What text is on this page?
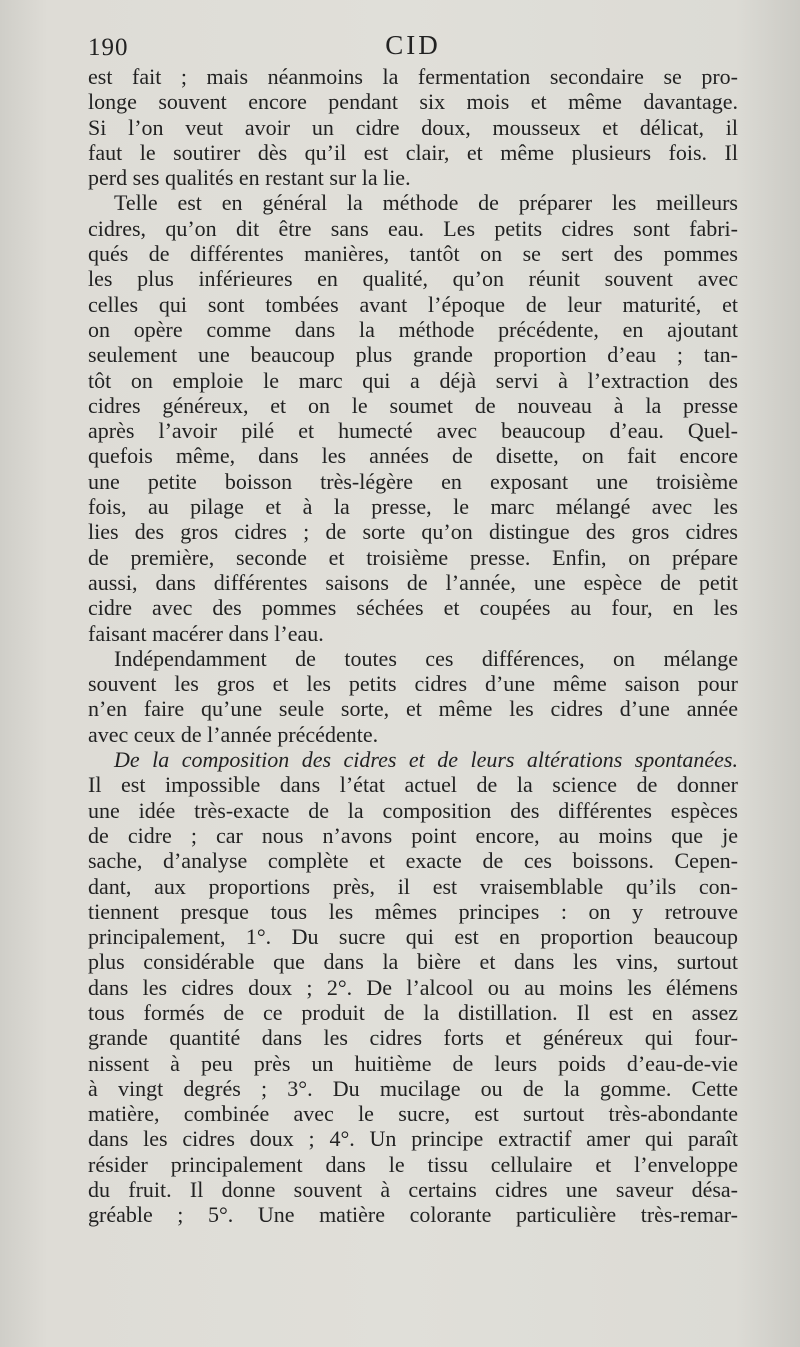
190	CID
est fait ; mais néanmoins la fermentation secondaire se pro-
longe souvent encore pendant six mois et même davantage.
Si l’on veut avoir un cidre doux, mousseux et délicat, il
faut le soutirer dès qu’il est clair, et même plusieurs fois. Il
perd ses qualités en restant sur la lie.
Telle est en général la méthode de préparer les meilleurs
cidres, qu’on dit être sans eau. Les petits cidres sont fabri-
qués de différentes manières, tantôt on se sert des pommes
les plus inférieures en qualité, qu’on réunit souvent avec
celles qui sont tombées avant l’époque de leur maturité, et
on opère comme dans la méthode précédente, en ajoutant
seulement une beaucoup plus grande proportion d’eau ; tan-
tôt on emploie le marc qui a déjà servi à l’extraction des
cidres généreux, et on le soumet de nouveau à la presse
après l’avoir pilé et humecté avec beaucoup d’eau. Quel-
quefois même, dans les années de disette, on fait encore
une petite boisson très-légère en exposant une troisième
fois, au pilage et à la presse, le marc mélangé avec les
lies des gros cidres ; de sorte qu’on distingue des gros cidres
de première, seconde et troisième presse. Enfin, on prépare
aussi, dans différentes saisons de l’année, une espèce de petit
cidre avec des pommes séchées et coupées au four, en les
faisant macérer dans l’eau.
Indépendamment de toutes ces différences, on mélange
souvent les gros et les petits cidres d’une même saison pour
n’en faire qu’une seule sorte, et même les cidres d’une année
avec ceux de l’année précédente.
De la composition des cidres et de leurs altérations spontanées.
Il est impossible dans l’état actuel de la science de donner
une idée très-exacte de la composition des différentes espèces
de cidre ; car nous n’avons point encore, au moins que je
sache, d’analyse complète et exacte de ces boissons. Cepen-
dant, aux proportions près, il est vraisemblable qu’ils con-
tiennent presque tous les mêmes principes : on y retrouve
principalement, 1°. Du sucre qui est en proportion beaucoup
plus considérable que dans la bière et dans les vins, surtout
dans les cidres doux ; 2°. De l’alcool ou au moins les élémens
tous formés de ce produit de la distillation. Il est en assez
grande quantité dans les cidres forts et généreux qui four-
nissent à peu près un huitième de leurs poids d’eau-de-vie
à vingt degrés ; 3°. Du mucilage ou de la gomme. Cette
matière, combinée avec le sucre, est surtout très-abondante
dans les cidres doux ; 4°. Un principe extractif amer qui paraît
résider principalement dans le tissu cellulaire et l’enveloppe
du fruit. Il donne souvent à certains cidres une saveur désa-
gréable ; 5°. Une matière colorante particulière très-remar-
